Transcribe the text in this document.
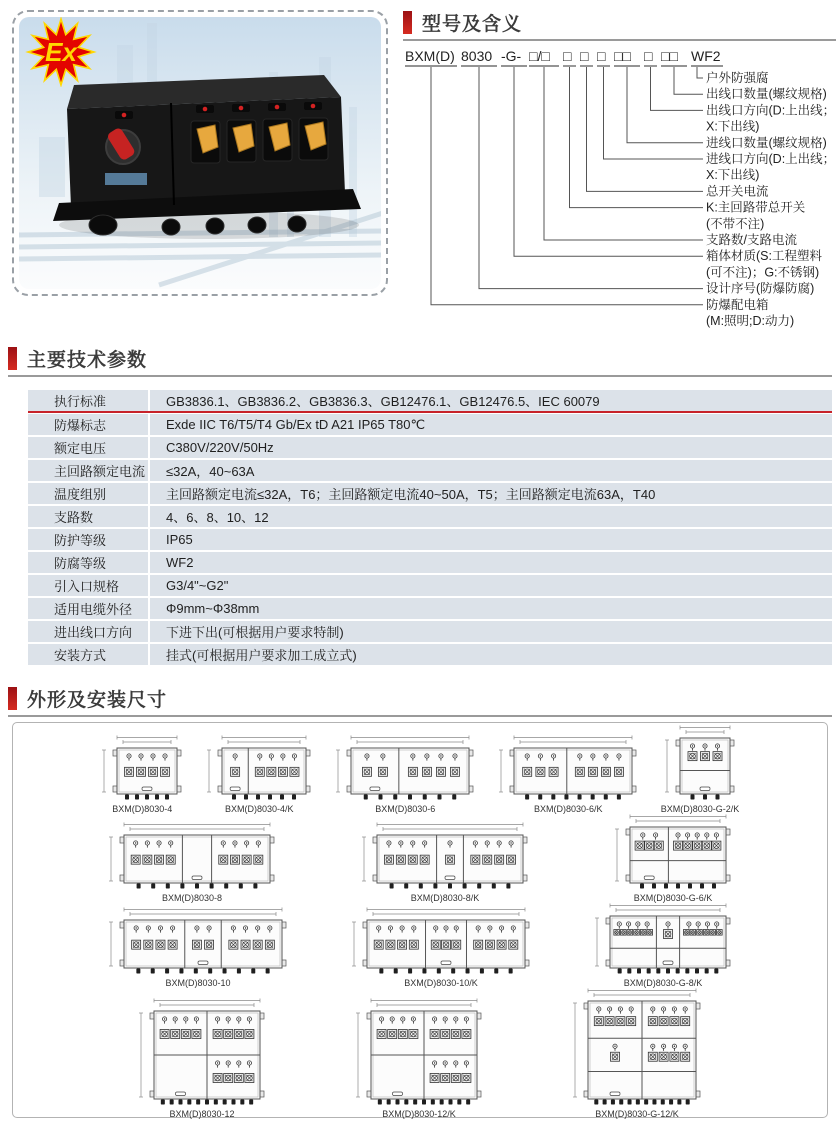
Ex
型号及含义
BXM(D) 8030 -G- □/□ □ □ □ □□ □ □□ WF2
户外防强腐
出线口数量(螺纹规格)
出线口方向(D:上出线；
X:下出线)
进线口数量(螺纹规格)
进线口方向(D:上出线；
X:下出线)
总开关电流
K:主回路带总开关
(不带不注)
支路数/支路电流
箱体材质(S:工程塑料
(可不注)；G:不锈钢)
设计序号(防爆防腐)
防爆配电箱
(M:照明;D:动力)
主要技术参数
执行标准	GB3836.1、GB3836.2、GB3836.3、GB12476.1、GB12476.5、IEC 60079
防爆标志	Exde IIC T6/T5/T4 Gb/Ex tD A21 IP65 T80℃
额定电压	C380V/220V/50Hz
主回路额定电流	≤32A，40~63A
温度组别	主回路额定电流≤32A，T6；主回路额定电流40~50A，T5；主回路额定电流63A，T40
支路数	4、6、8、10、12
防护等级	IP65
防腐等级	WF2
引入口规格	G3/4"~G2"
适用电缆外径	Φ9mm~Φ38mm
进出线口方向	下进下出(可根据用户要求特制)
安装方式	挂式(可根据用户要求加工成立式)
外形及安装尺寸
BXM(D)8030-4	BXM(D)8030-4/K	BXM(D)8030-6	BXM(D)8030-6/K	BXM(D)8030-G-2/K
BXM(D)8030-8	BXM(D)8030-8/K	BXM(D)8030-G-6/K
BXM(D)8030-10	BXM(D)8030-10/K	BXM(D)8030-G-8/K
BXM(D)8030-12	BXM(D)8030-12/K	BXM(D)8030-G-12/K
